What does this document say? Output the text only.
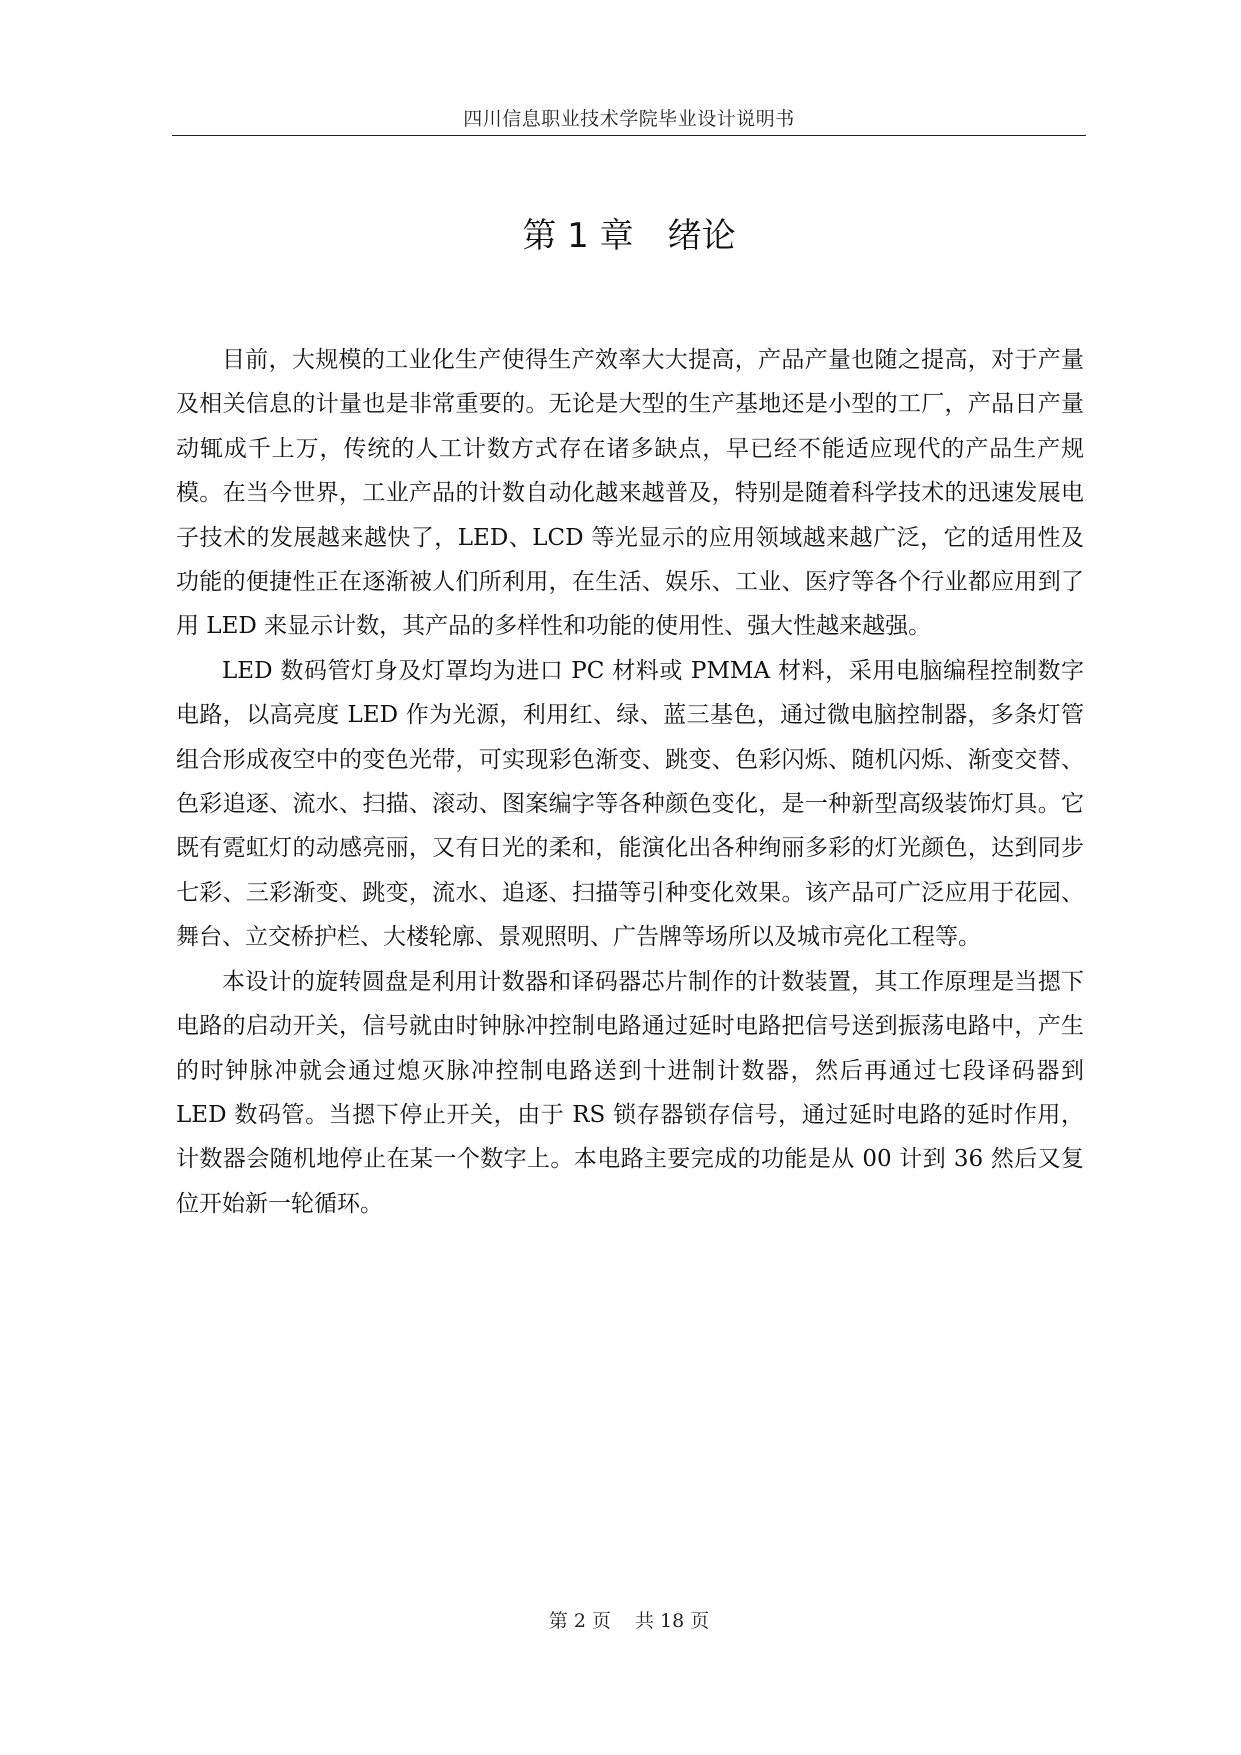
四川信息职业技术学院毕业设计说明书
第 1 章 绪论

目前，大规模的工业化生产使得生产效率大大提高，产品产量也随之提高，对于产量及相关信息的计量也是非常重要的。无论是大型的生产基地还是小型的工厂，产品日产量动辄成千上万，传统的人工计数方式存在诸多缺点，早已经不能适应现代的产品生产规模。在当今世界，工业产品的计数自动化越来越普及，特别是随着科学技术的迅速发展电子技术的发展越来越快了，LED、LCD 等光显示的应用领域越来越广泛，它的适用性及功能的便捷性正在逐渐被人们所利用，在生活、娱乐、工业、医疗等各个行业都应用到了用 LED 来显示计数，其产品的多样性和功能的使用性、强大性越来越强。

LED 数码管灯身及灯罩均为进口 PC 材料或 PMMA 材料，采用电脑编程控制数字电路，以高亮度 LED 作为光源，利用红、绿、蓝三基色，通过微电脑控制器，多条灯管组合形成夜空中的变色光带，可实现彩色渐变、跳变、色彩闪烁、随机闪烁、渐变交替、色彩追逐、流水、扫描、滚动、图案编字等各种颜色变化，是一种新型高级装饰灯具。它既有霓虹灯的动感亮丽，又有日光的柔和，能演化出各种绚丽多彩的灯光颜色，达到同步七彩、三彩渐变、跳变，流水、追逐、扫描等引种变化效果。该产品可广泛应用于花园、舞台、立交桥护栏、大楼轮廓、景观照明、广告牌等场所以及城市亮化工程等。

本设计的旋转圆盘是利用计数器和译码器芯片制作的计数装置，其工作原理是当摁下电路的启动开关，信号就由时钟脉冲控制电路通过延时电路把信号送到振荡电路中，产生的时钟脉冲就会通过熄灭脉冲控制电路送到十进制计数器，然后再通过七段译码器到 LED 数码管。当摁下停止开关，由于 RS 锁存器锁存信号，通过延时电路的延时作用，计数器会随机地停止在某一个数字上。本电路主要完成的功能是从 00 计到 36 然后又复位开始新一轮循环。

第 2 页 共 18 页
